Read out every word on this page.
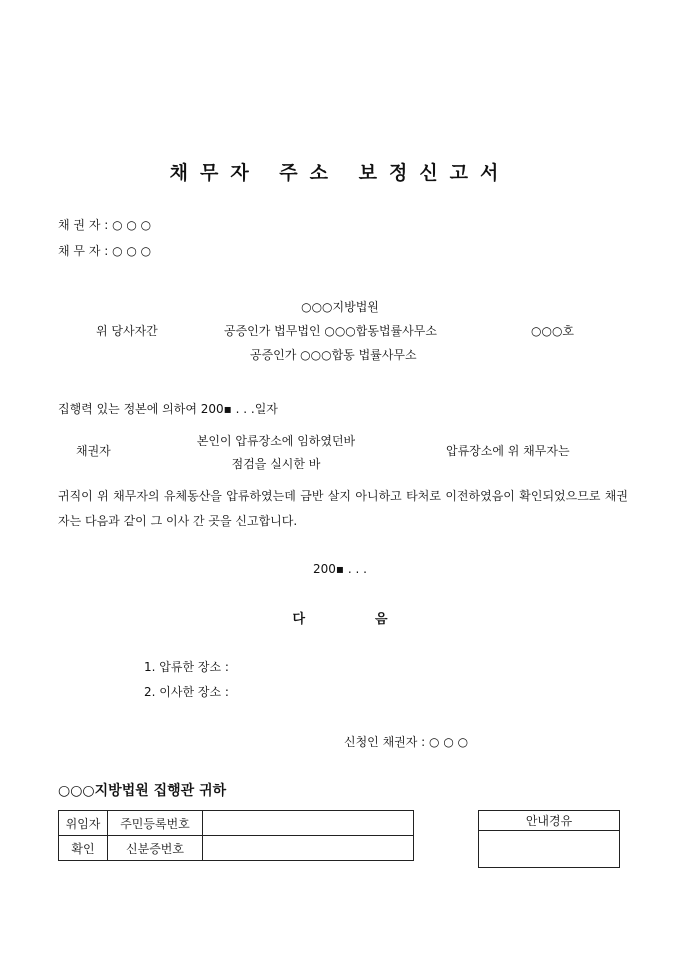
채무자 주소 보정신고서
채 권 자 : ○ ○ ○
채 무 자 : ○ ○ ○
○○○지방법원
위 당사자간	공증인가 법무법인 ○○○합동법률사무소	○○○호
공증인가 ○○○합동 법률사무소
집행력 있는 정본에 의하여 200▪ . . .일자
채권자
본인이 압류장소에 임하였던바
점검을 실시한 바
압류장소에 위 채무자는
귀직이 위 채무자의 유체동산을 압류하였는데 금반 살지 아니하고 타처로 이전하였음이 확인되었으므로 채권자는 다음과 같이 그 이사 간 곳을 신고합니다.
200▪ . . .
다	음
1. 압류한 장소 :
2. 이사한 장소 :
신청인 채권자 : ○ ○ ○
○○○지방법원 집행관 귀하
위임자	주민등록번호	
확인	신분증번호	
안내경유
